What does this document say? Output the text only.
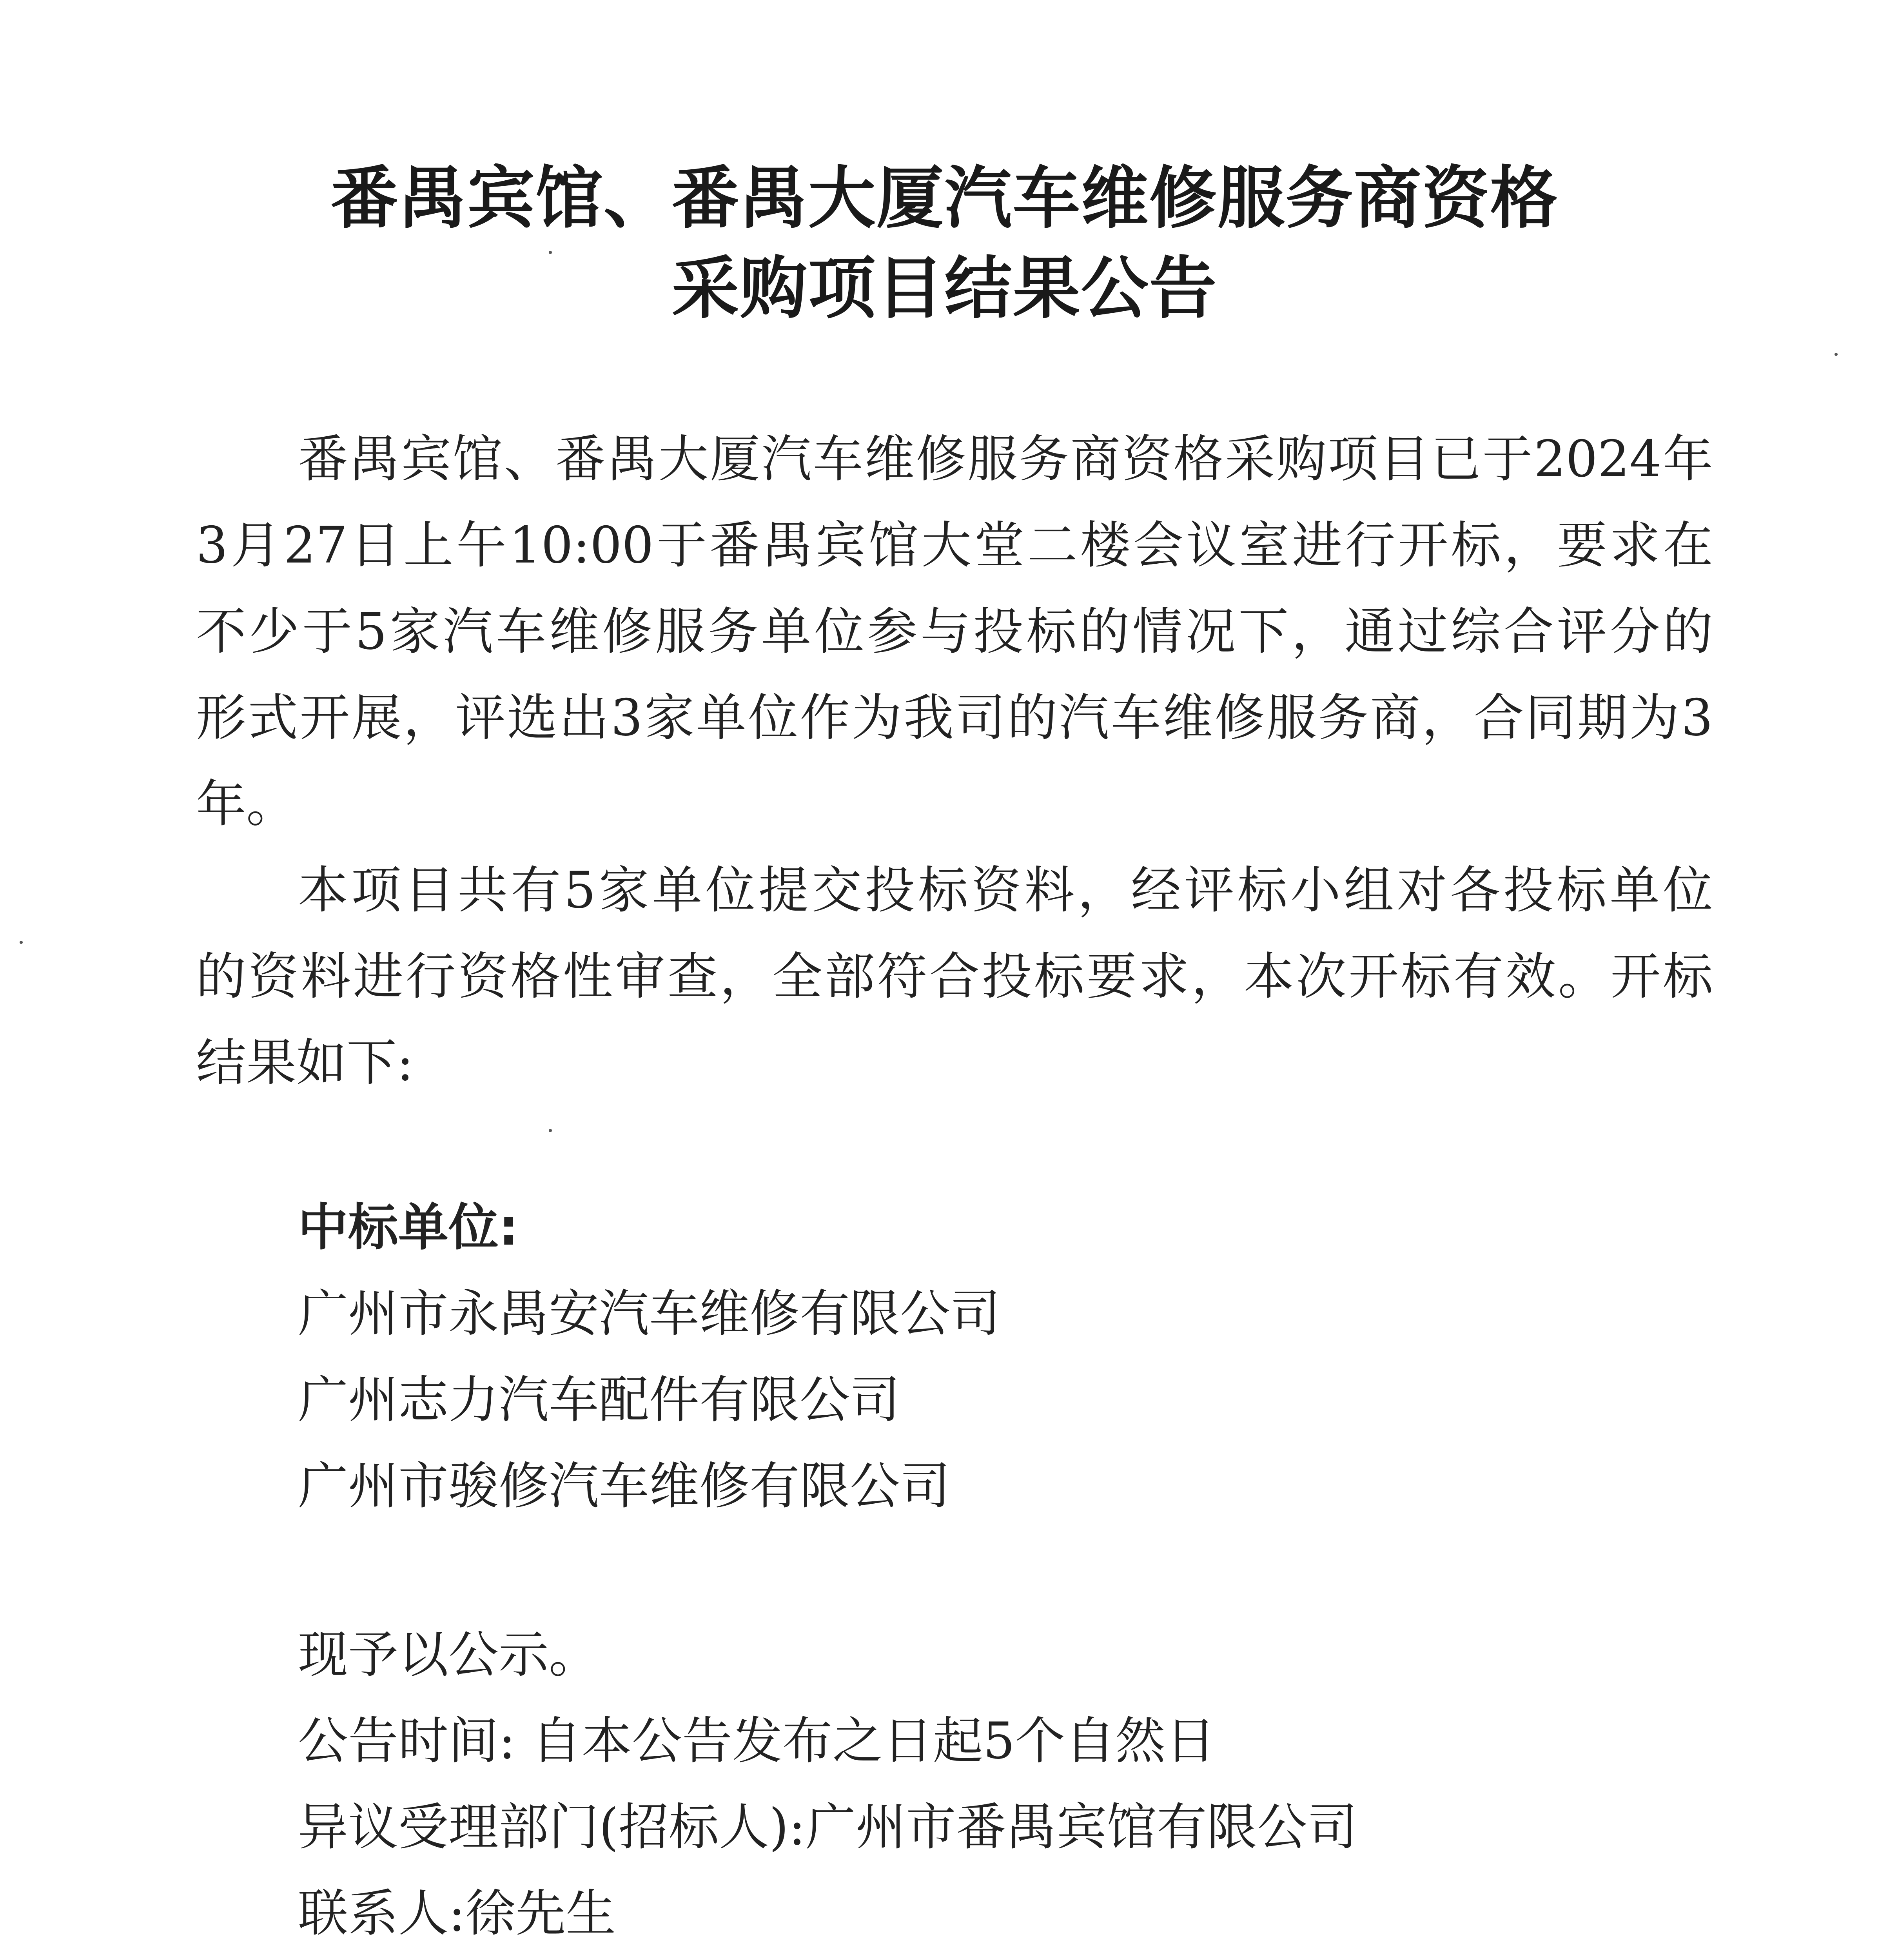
番禺宾馆、番禺大厦汽车维修服务商资格
采购项目结果公告
番禺宾馆、番禺大厦汽车维修服务商资格采购项目已于2024年
3月27日上午10:00于番禺宾馆大堂二楼会议室进行开标，要求在
不少于5家汽车维修服务单位参与投标的情况下，通过综合评分的
形式开展，评选出3家单位作为我司的汽车维修服务商，合同期为3
年。
本项目共有5家单位提交投标资料，经评标小组对各投标单位
的资料进行资格性审查，全部符合投标要求，本次开标有效。开标
结果如下:
中标单位:
广州市永禺安汽车维修有限公司
广州志力汽车配件有限公司
广州市骏修汽车维修有限公司
现予以公示。
公告时间: 自本公告发布之日起5个自然日
异议受理部门(招标人):广州市番禺宾馆有限公司
联系人:徐先生
